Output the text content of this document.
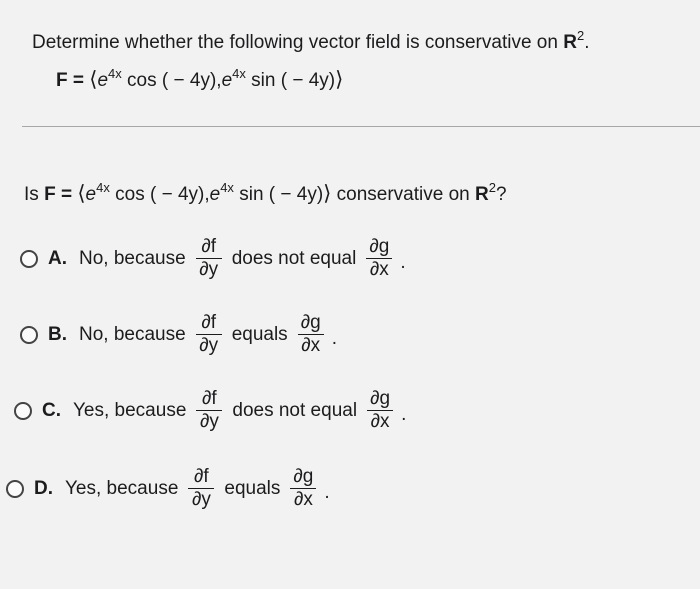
Determine whether the following vector field is conservative on $R^2$.
$F = ⟨e^{4x}$ cos ( − $4y),e^{4x}$ sin ( − 4y)⟩
Is $F = ⟨e^{4x}$ cos ( − $4y),e^{4x}$ sin ( − 4y)⟩ conservative on $R^2$?
A. No, because $\frac{\partial f}{\partial y}$ does not equal $\frac{\partial g}{\partial x}$ .
B. No, because $\frac{\partial f}{\partial y}$ equals $\frac{\partial g}{\partial x}$ .
C. Yes, because $\frac{\partial f}{\partial y}$ does not equal $\frac{\partial g}{\partial x}$ .
D. Yes, because $\frac{\partial f}{\partial y}$ equals $\frac{\partial g}{\partial x}$ .
